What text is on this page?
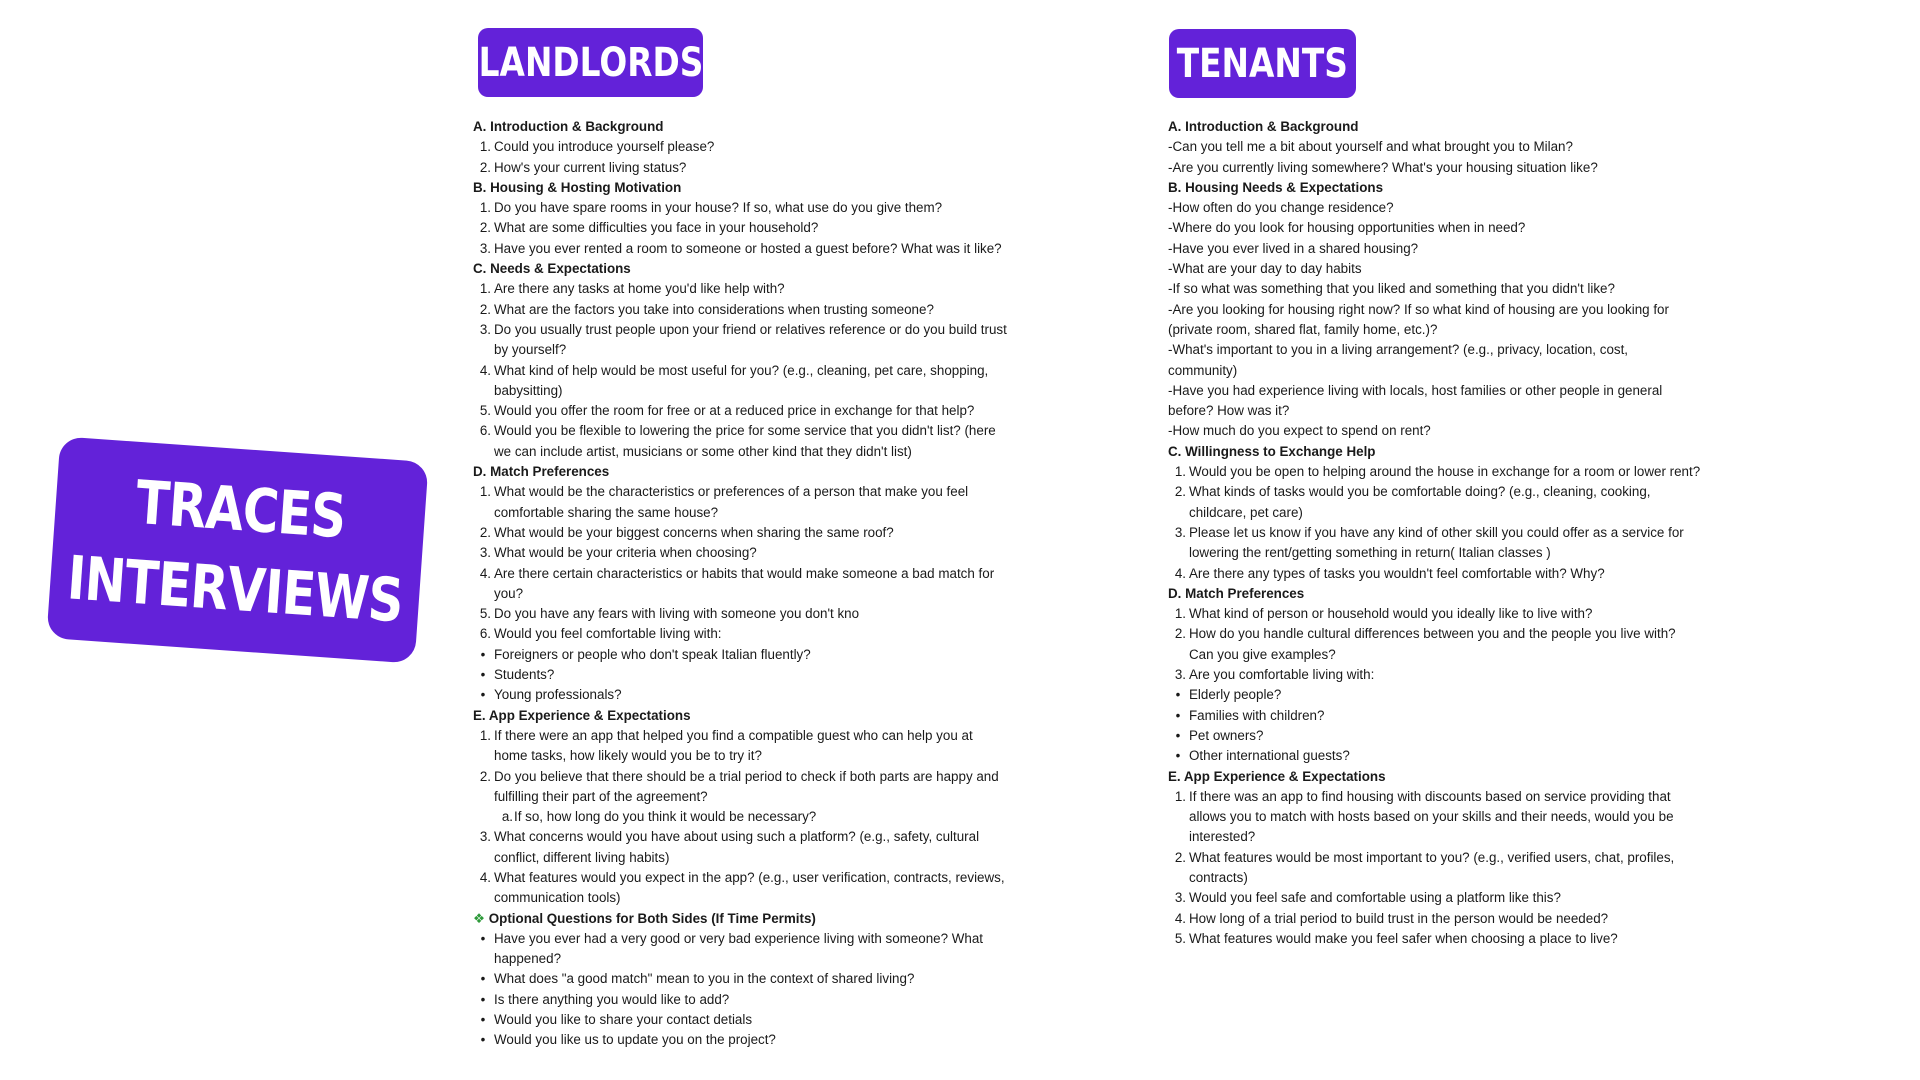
TRACES
INTERVIEWS
LANDLORDS	TENANTS
A. Introduction & Background
1. Could you introduce yourself please?
2. How's your current living status?
B. Housing & Hosting Motivation
1. Do you have spare rooms in your house? If so, what use do you give them?
2. What are some difficulties you face in your household?
3. Have you ever rented a room to someone or hosted a guest before? What was it like?
C. Needs & Expectations
1. Are there any tasks at home you'd like help with?
2. What are the factors you take into considerations when trusting someone?
3. Do you usually trust people upon your friend or relatives reference or do you build trust
by yourself?
4. What kind of help would be most useful for you? (e.g., cleaning, pet care, shopping,
babysitting)
5. Would you offer the room for free or at a reduced price in exchange for that help?
6. Would you be flexible to lowering the price for some service that you didn't list? (here
we can include artist, musicians or some other kind that they didn't list)
D. Match Preferences
1. What would be the characteristics or preferences of a person that make you feel
comfortable sharing the same house?
2. What would be your biggest concerns when sharing the same roof?
3. What would be your criteria when choosing?
4. Are there certain characteristics or habits that would make someone a bad match for
you?
5. Do you have any fears with living with someone you don't kno
6. Would you feel comfortable living with:
• Foreigners or people who don't speak Italian fluently?
• Students?
• Young professionals?
E. App Experience & Expectations
1. If there were an app that helped you find a compatible guest who can help you at
home tasks, how likely would you be to try it?
2. Do you believe that there should be a trial period to check if both parts are happy and
fulfilling their part of the agreement?
a. If so, how long do you think it would be necessary?
3. What concerns would you have about using such a platform? (e.g., safety, cultural
conflict, different living habits)
4. What features would you expect in the app? (e.g., user verification, contracts, reviews,
communication tools)
❖ Optional Questions for Both Sides (If Time Permits)
• Have you ever had a very good or very bad experience living with someone? What
happened?
• What does "a good match" mean to you in the context of shared living?
• Is there anything you would like to add?
• Would you like to share your contact detials
• Would you like us to update you on the project?
A. Introduction & Background
-Can you tell me a bit about yourself and what brought you to Milan?
-Are you currently living somewhere? What's your housing situation like?
B. Housing Needs & Expectations
-How often do you change residence?
-Where do you look for housing opportunities when in need?
-Have you ever lived in a shared housing?
-What are your day to day habits
-If so what was something that you liked and something that you didn't like?
-Are you looking for housing right now? If so what kind of housing are you looking for
(private room, shared flat, family home, etc.)?
-What's important to you in a living arrangement? (e.g., privacy, location, cost,
community)
-Have you had experience living with locals, host families or other people in general
before? How was it?
-How much do you expect to spend on rent?
C. Willingness to Exchange Help
1. Would you be open to helping around the house in exchange for a room or lower rent?
2. What kinds of tasks would you be comfortable doing? (e.g., cleaning, cooking,
childcare, pet care)
3. Please let us know if you have any kind of other skill you could offer as a service for
lowering the rent/getting something in return( Italian classes )
4. Are there any types of tasks you wouldn't feel comfortable with? Why?
D. Match Preferences
1. What kind of person or household would you ideally like to live with?
2. How do you handle cultural differences between you and the people you live with?
Can you give examples?
3. Are you comfortable living with:
• Elderly people?
• Families with children?
• Pet owners?
• Other international guests?
E. App Experience & Expectations
1. If there was an app to find housing with discounts based on service providing that
allows you to match with hosts based on your skills and their needs, would you be
interested?
2. What features would be most important to you? (e.g., verified users, chat, profiles,
contracts)
3. Would you feel safe and comfortable using a platform like this?
4. How long of a trial period to build trust in the person would be needed?
5. What features would make you feel safer when choosing a place to live?
